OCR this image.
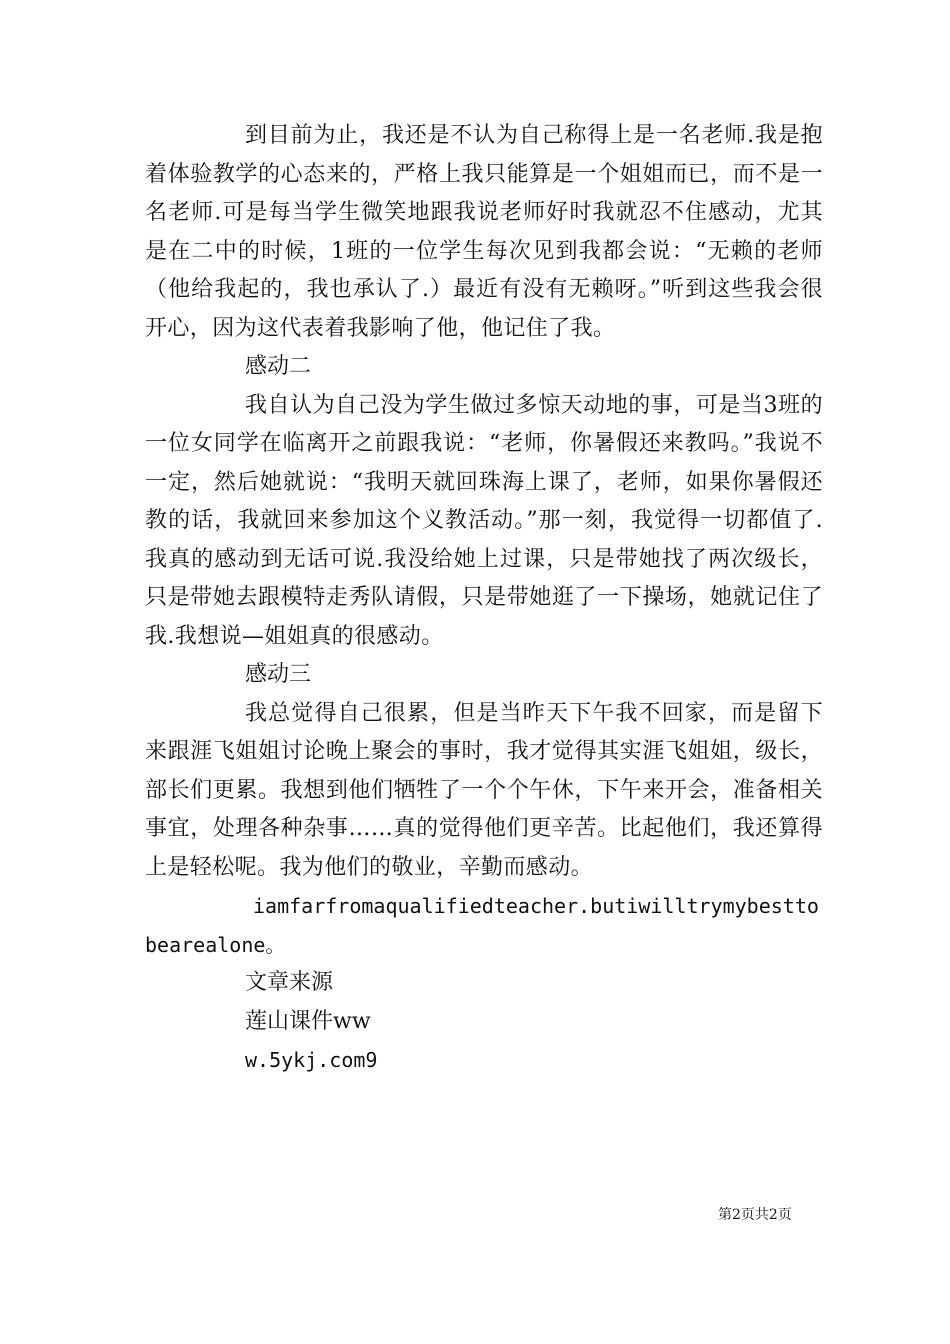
到目前为止，我还是不认为自己称得上是一名老师.我是抱着体验教学的心态来的，严格上我只能算是一个姐姐而已，而不是一名老师.可是每当学生微笑地跟我说老师好时我就忍不住感动，尤其是在二中的时候，1班的一位学生每次见到我都会说：“无赖的老师（他给我起的，我也承认了.）最近有没有无赖呀。”听到这些我会很开心，因为这代表着我影响了他，他记住了我。

感动二

我自认为自己没为学生做过多惊天动地的事，可是当3班的一位女同学在临离开之前跟我说：“老师，你暑假还来教吗。”我说不一定，然后她就说：“我明天就回珠海上课了，老师，如果你暑假还教的话，我就回来参加这个义教活动。”那一刻，我觉得一切都值了.我真的感动到无话可说.我没给她上过课，只是带她找了两次级长，只是带她去跟模特走秀队请假，只是带她逛了一下操场，她就记住了我.我想说—姐姐真的很感动。

感动三

我总觉得自己很累，但是当昨天下午我不回家，而是留下来跟涯飞姐姐讨论晚上聚会的事时，我才觉得其实涯飞姐姐，级长，部长们更累。我想到他们牺牲了一个个午休，下午来开会，准备相关事宜，处理各种杂事……真的觉得他们更辛苦。比起他们，我还算得上是轻松呢。我为他们的敬业，辛勤而感动。

iamfarfromaqualifiedteacher.butiwilltrymybesttobearealone。

文章来源

莲山课件ww

w.5ykj.com9

第2页共2页
